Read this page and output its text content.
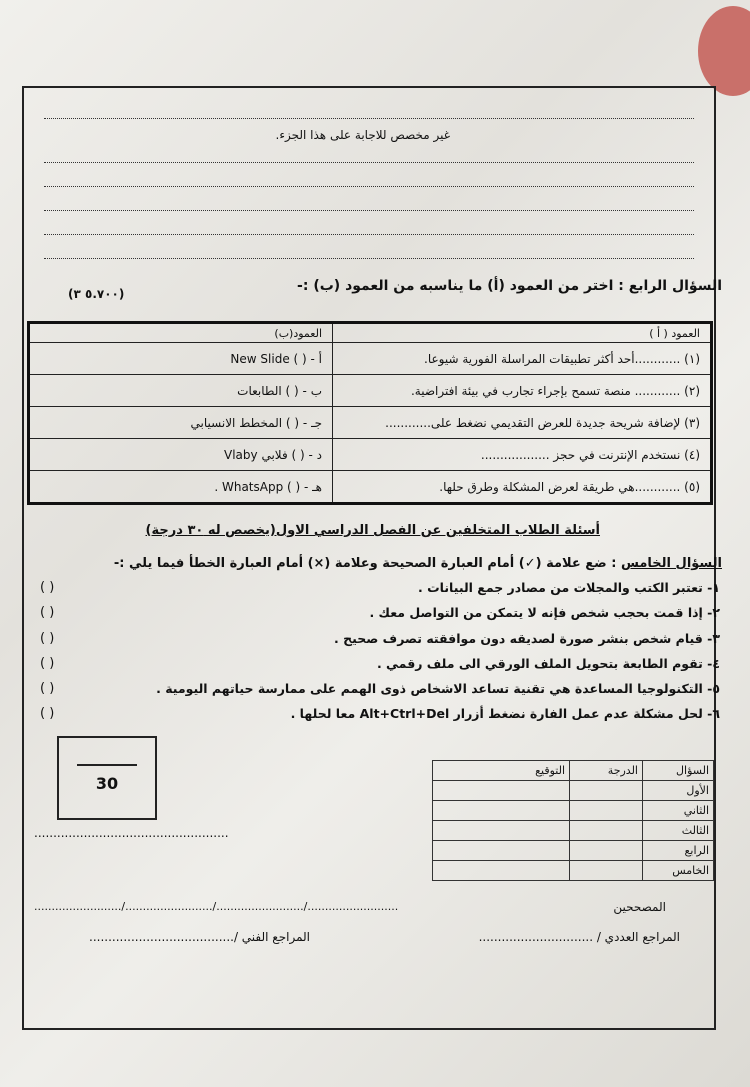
غير مخصص للاجابة على هذا الجزء.
السؤال الرابع : اختر من العمود (أ) ما يناسبه من العمود (ب) :-
(٥.٧٠٠ ٣)
العمود ( أ )	العمود(ب)
(١) ............أحد أكثر تطبيقات المراسلة الفورية شيوعا.	أ - ( ) New Slide
(٢) ............ منصة تسمح بإجراء تجارب في بيئة افتراضية.	ب - ( ) الطابعات
(٣) لإضافة شريحة جديدة للعرض التقديمي نضغط على............	جـ - ( ) المخطط الانسيابي
(٤) نستخدم الإنترنت في حجز ..................	د - ( ) فلابي Vlaby
(٥) ............هي طريقة لعرض المشكلة وطرق حلها.	هـ - ( ) WhatsApp .
أسئلة الطلاب المتخلفين عن الفصل الدراسي الاول(يخصص له ٣٠ درجة)
السؤال الخامس : ضع علامة (✓) أمام العبارة الصحيحة وعلامة (×) أمام العبارة الخطأ فيما يلي :-
١- تعتبر الكتب والمجلات من مصادر جمع البيانات .
( )
٢- إذا قمت بحجب شخص فإنه لا يتمكن من التواصل معك .
( )
٣- قيام شخص بنشر صورة لصديقه دون موافقته تصرف صحيح .
( )
٤- تقوم الطابعة بتحويل الملف الورقي الى ملف رقمي .
( )
٥- التكنولوجيا المساعدة هي تقنية تساعد الاشخاص ذوى الهمم على ممارسة حياتهم اليومية .
( )
٦- لحل مشكلة عدم عمل الفارة نضغط أزرار Alt+Ctrl+Del معا لحلها .
( )
30
...................................................
السؤال	الدرجة	التوقيع
الأول		
الثاني		
الثالث		
الرابع		
الخامس		
المصححين
........................./........................./........................./..........................
المراجع العددي / ..............................
المراجع الفني /......................................
